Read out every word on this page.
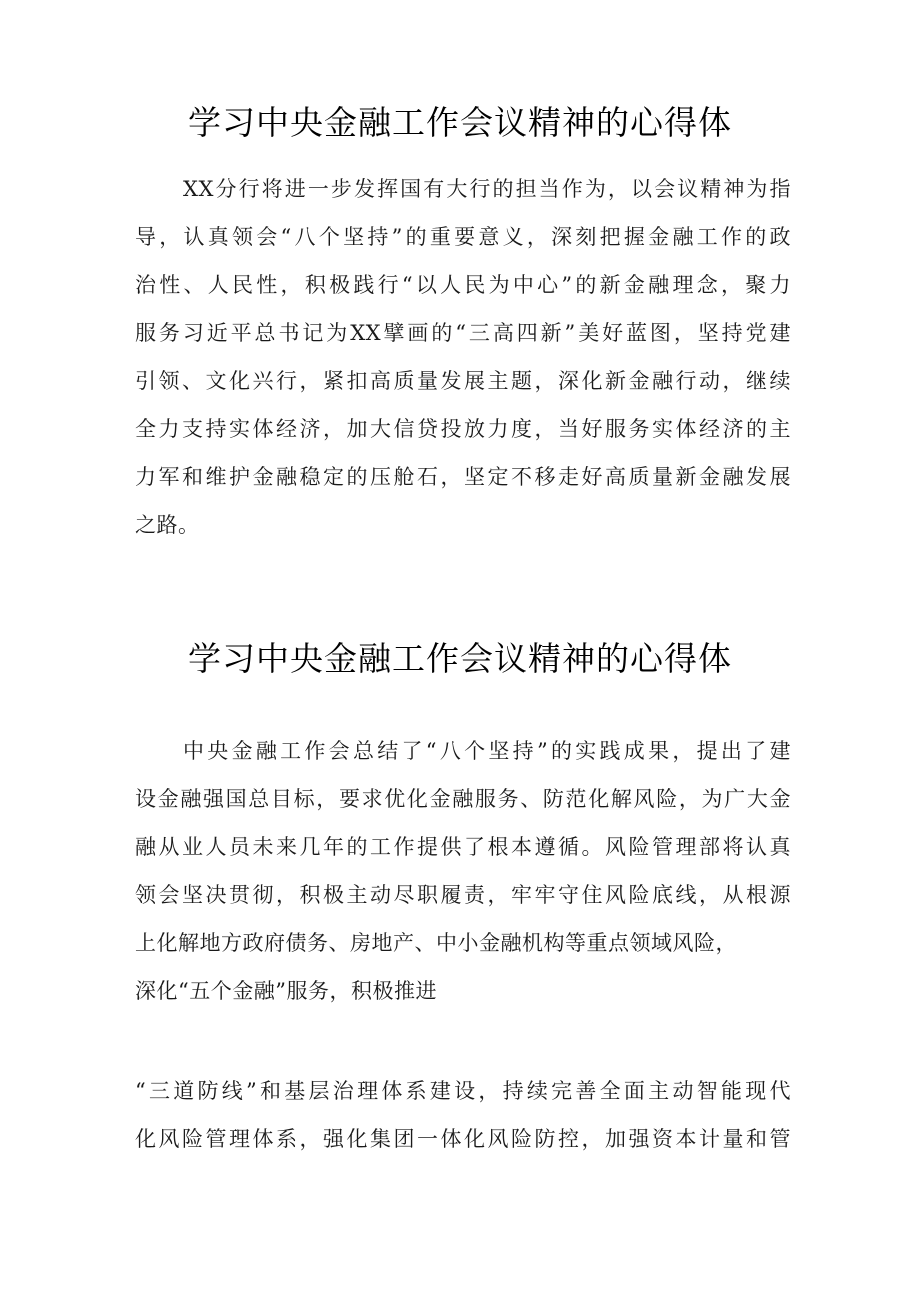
学习中央金融工作会议精神的心得体
XX分行将进一步发挥国有大行的担当作为，以会议精神为指
导，认真领会“八个坚持”的重要意义，深刻把握金融工作的政
治性、人民性，积极践行“以人民为中心”的新金融理念，聚力
服务习近平总书记为XX擘画的“三高四新”美好蓝图，坚持党建
引领、文化兴行，紧扣高质量发展主题，深化新金融行动，继续
全力支持实体经济，加大信贷投放力度，当好服务实体经济的主
力军和维护金融稳定的压舱石，坚定不移走好高质量新金融发展
之路。
学习中央金融工作会议精神的心得体
中央金融工作会总结了“八个坚持”的实践成果，提出了建
设金融强国总目标，要求优化金融服务、防范化解风险，为广大金
融从业人员未来几年的工作提供了根本遵循。风险管理部将认真
领会坚决贯彻，积极主动尽职履责，牢牢守住风险底线，从根源
上化解地方政府债务、房地产、中小金融机构等重点领域风险，
深化“五个金融”服务，积极推进
“三道防线”和基层治理体系建设，持续完善全面主动智能现代
化风险管理体系，强化集团一体化风险防控，加强资本计量和管
